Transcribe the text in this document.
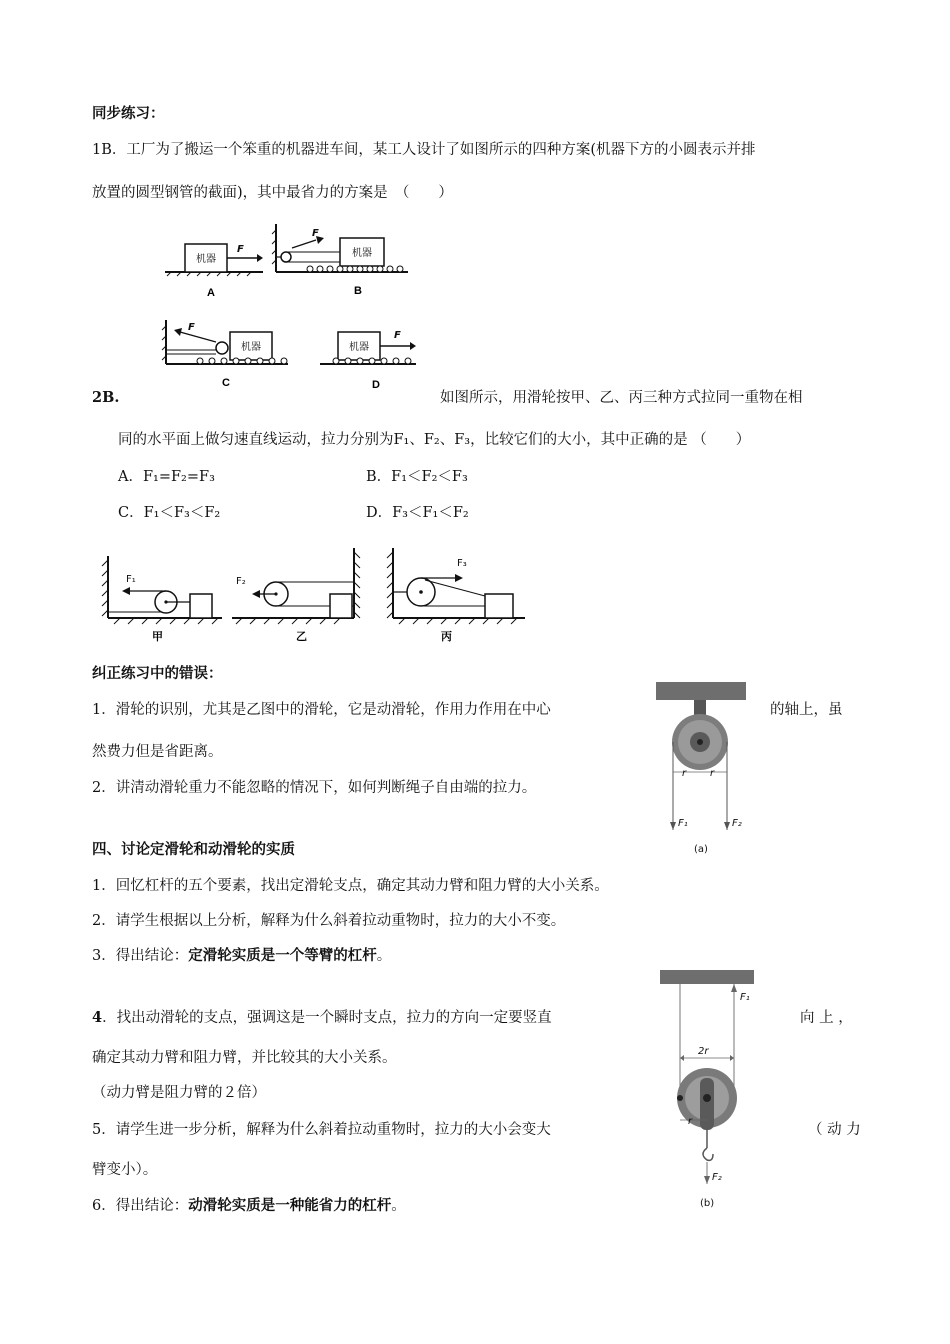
同步练习：
1B．工厂为了搬运一个笨重的机器进车间，某工人设计了如图所示的四种方案(机器下方的小圆表示并排
放置的圆型钢管的截面)，其中最省力的方案是　（　　）
机器
F
A
F
机器
B
F
机器
C
机器
F
D
2B.	如图所示，用滑轮按甲、乙、丙三种方式拉同一重物在相
同的水平面上做匀速直线运动，拉力分别为F₁、F₂、F₃，比较它们的大小，其中正确的是 （　　）
A．F₁=F₂=F₃	B．F₁＜F₂＜F₃
C．F₁＜F₃＜F₂	D．F₃＜F₁＜F₂
F₁
甲
F₂
乙
F₃
丙
纠正练习中的错误：
1．滑轮的识别，尤其是乙图中的滑轮，它是动滑轮，作用力作用在中心	的轴上，虽
然费力但是省距离。
2．讲清动滑轮重力不能忽略的情况下，如何判断绳子自由端的拉力。
r r
F₁	F₂
(a)
四、讨论定滑轮和动滑轮的实质
1．回忆杠杆的五个要素，找出定滑轮支点，确定其动力臂和阻力臂的大小关系。
2．请学生根据以上分析，解释为什么斜着拉动重物时，拉力的大小不变。
3．得出结论：定滑轮实质是一个等臂的杠杆。
4．找出动滑轮的支点，强调这是一个瞬时支点，拉力的方向一定要竖直	向 上 ，
确定其动力臂和阻力臂，并比较其的大小关系。
（动力臂是阻力臂的２倍）
5．请学生进一步分析，解释为什么斜着拉动重物时，拉力的大小会变大	（ 动 力
臂变小）。
6．得出结论：动滑轮实质是一种能省力的杠杆。
2r
F₁
r
F₂
(b)
